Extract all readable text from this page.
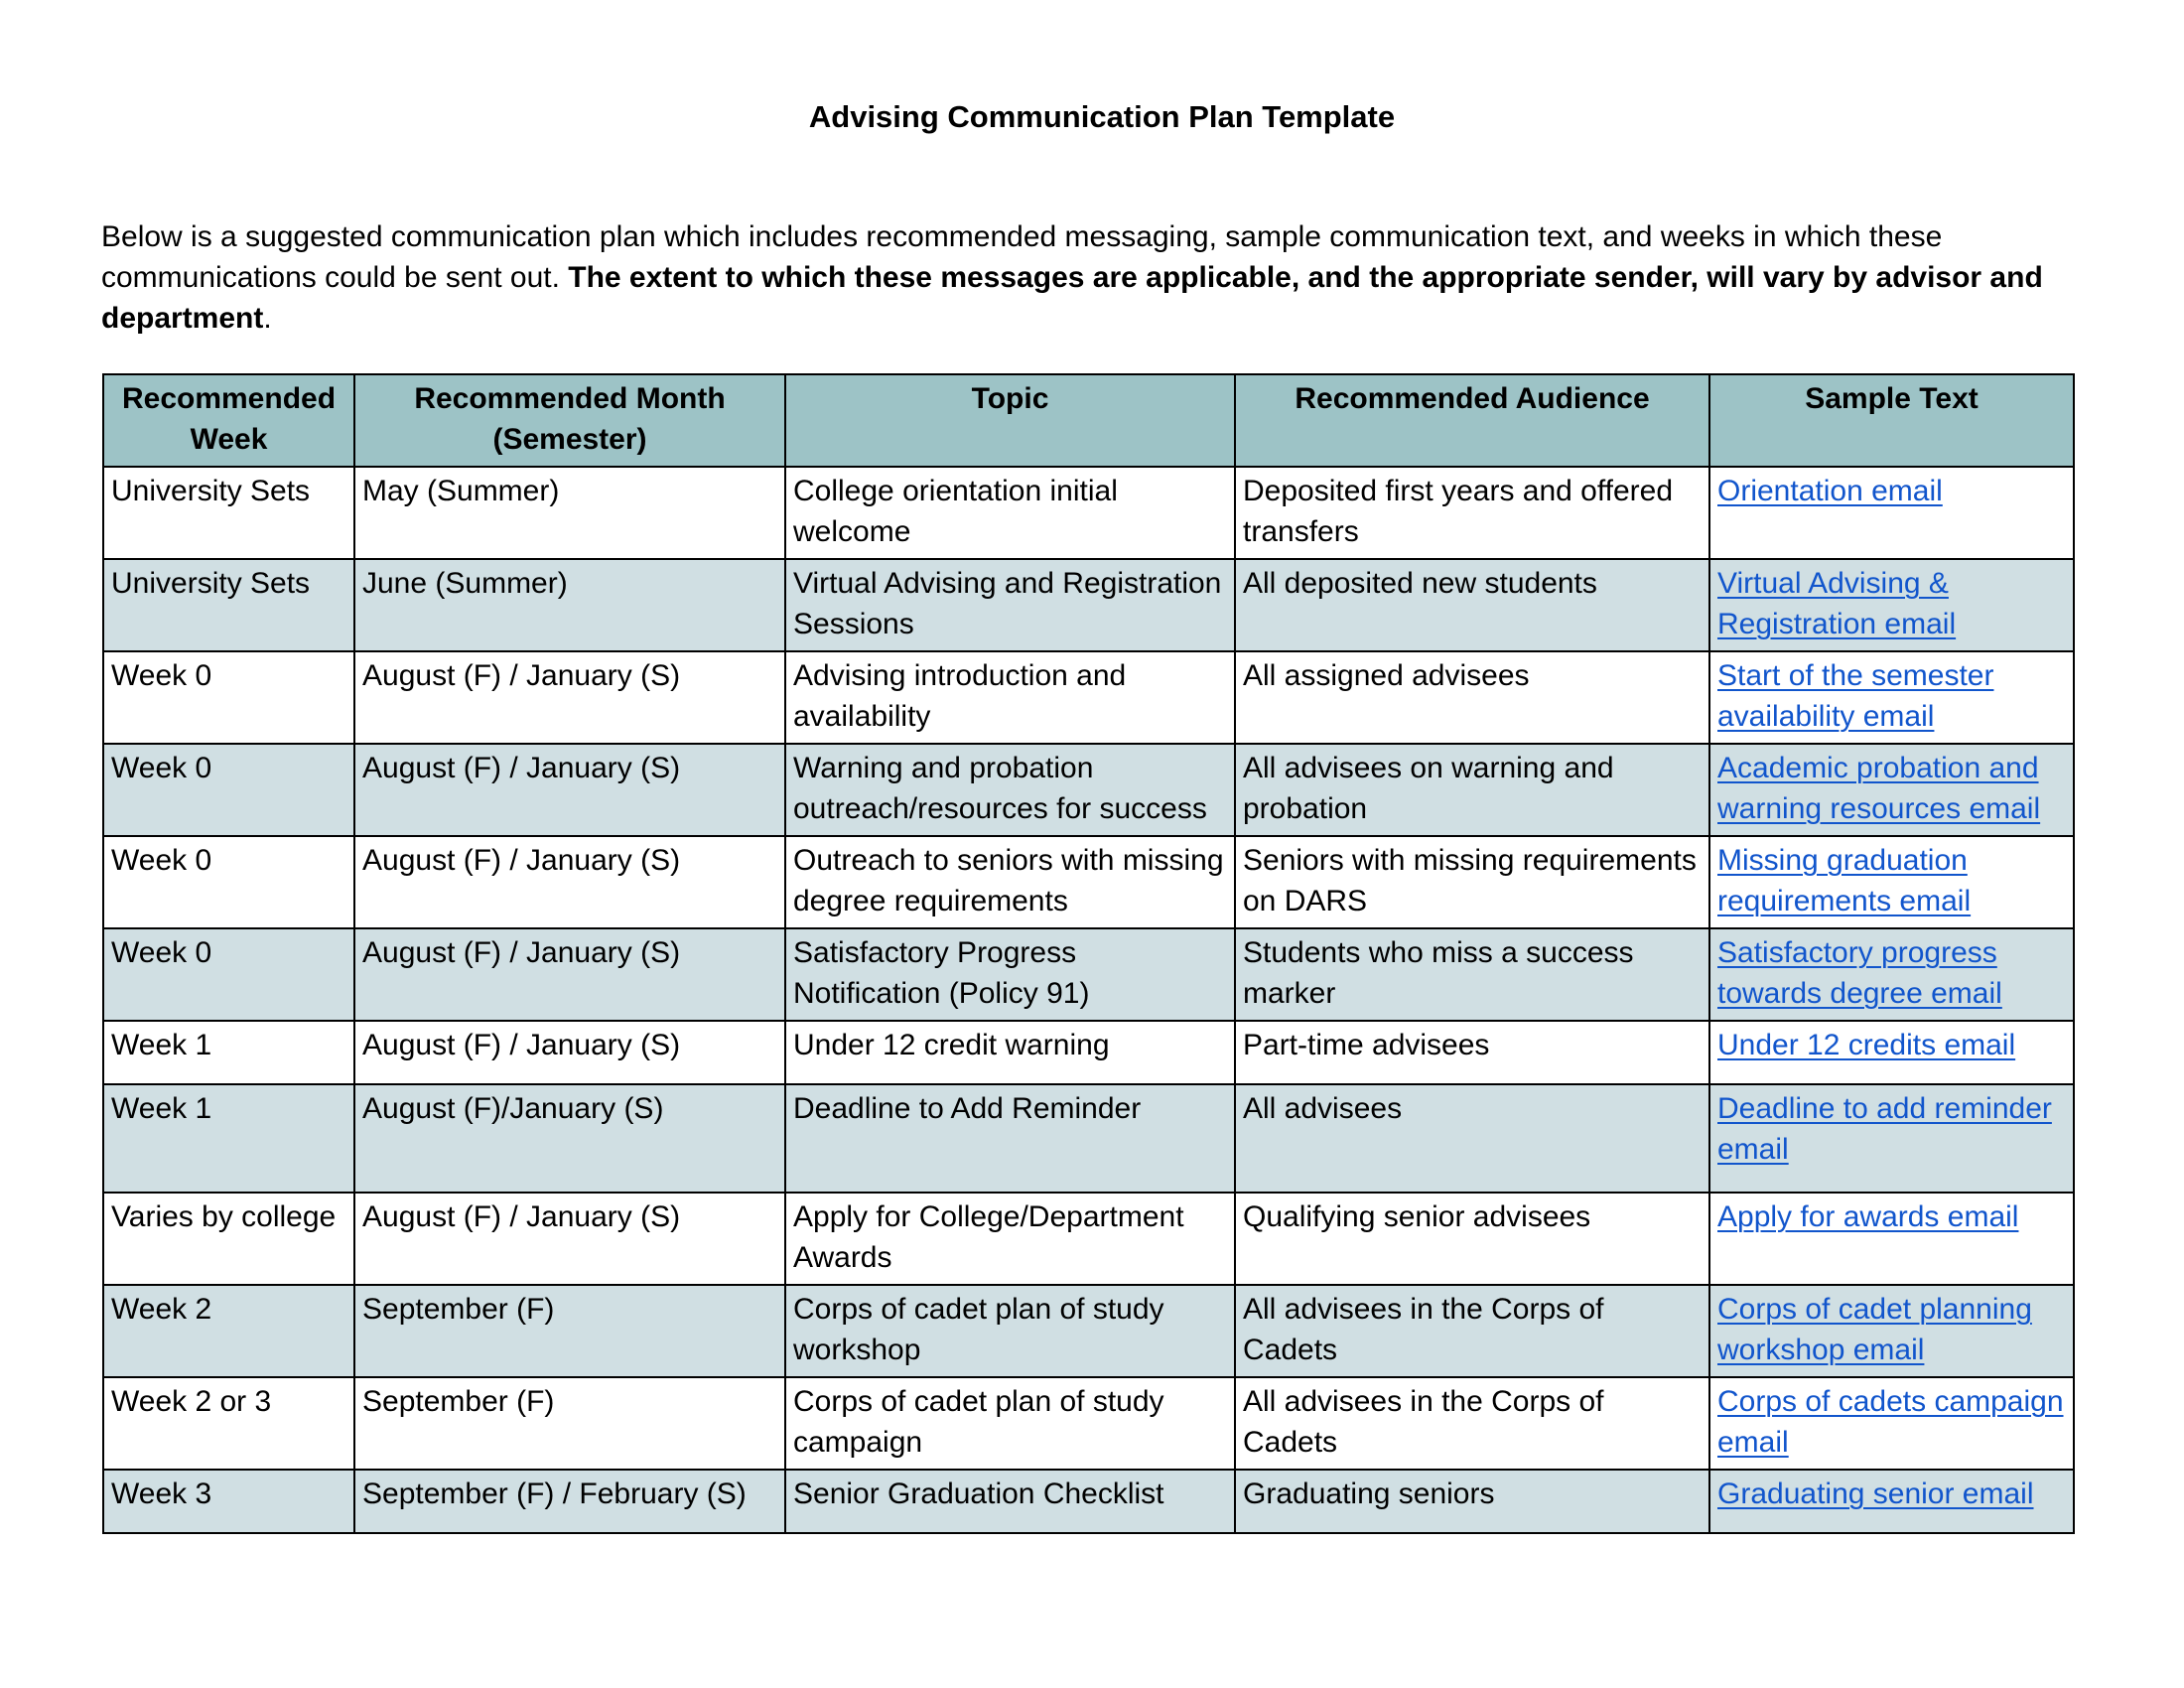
Advising Communication Plan Template

Below is a suggested communication plan which includes recommended messaging, sample communication text, and weeks in which these communications could be sent out. The extent to which these messages are applicable, and the appropriate sender, will vary by advisor and department.

Recommended Week	Recommended Month (Semester)	Topic	Recommended Audience	Sample Text
University Sets	May (Summer)	College orientation initial welcome	Deposited first years and offered transfers	Orientation email
University Sets	June (Summer)	Virtual Advising and Registration Sessions	All deposited new students	Virtual Advising & Registration email
Week 0	August (F) / January (S)	Advising introduction and availability	All assigned advisees	Start of the semester availability email
Week 0	August (F) / January (S)	Warning and probation outreach/resources for success	All advisees on warning and probation	Academic probation and warning resources email
Week 0	August (F) / January (S)	Outreach to seniors with missing degree requirements	Seniors with missing requirements on DARS	Missing graduation requirements email
Week 0	August (F) / January (S)	Satisfactory Progress Notification (Policy 91)	Students who miss a success marker	Satisfactory progress towards degree email
Week 1	August (F) / January (S)	Under 12 credit warning	Part-time advisees	Under 12 credits email
Week 1	August (F)/January (S)	Deadline to Add Reminder	All advisees	Deadline to add reminder email
Varies by college	August (F) / January (S)	Apply for College/Department Awards	Qualifying senior advisees	Apply for awards email
Week 2	September (F)	Corps of cadet plan of study workshop	All advisees in the Corps of Cadets	Corps of cadet planning workshop email
Week 2 or 3	September (F)	Corps of cadet plan of study campaign	All advisees in the Corps of Cadets	Corps of cadets campaign email
Week 3	September (F) / February (S)	Senior Graduation Checklist	Graduating seniors	Graduating senior email
